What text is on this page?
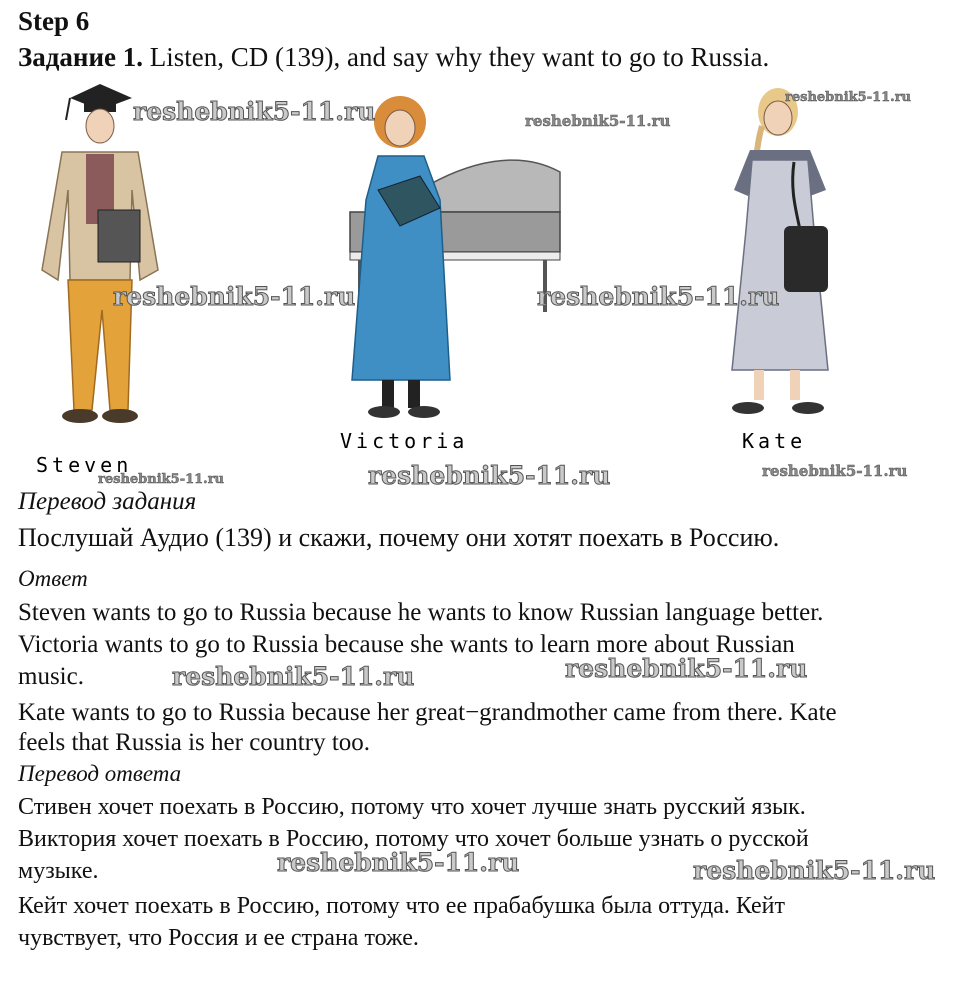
Step 6
Задание 1. Listen, CD (139), and say why they want to go to Russia.
Steven
Victoria	Kate
reshebnik5-11.ru	reshebnik5-11.ru
reshebnik5-11.ru
reshebnik5-11.ru	reshebnik5-11.ru
reshebnik5-11.ru	reshebnik5-11.ru	reshebnik5-11.ru
Перевод задания
Послушай Аудио (139) и скажи, почему они хотят поехать в Россию.
Ответ
Steven wants to go to Russia because he wants to know Russian language better.
Victoria wants to go to Russia because she wants to learn more about Russian
music.	reshebnik5-11.ru	reshebnik5-11.ru
Kate wants to go to Russia because her great−grandmother came from there. Kate
feels that Russia is her country too.
Перевод ответа
Стивен хочет поехать в Россию, потому что хочет лучше знать русский язык.
Виктория хочет поехать в Россию, потому что хочет больше узнать о русской
музыке.	reshebnik5-11.ru	reshebnik5-11.ru
Кейт хочет поехать в Россию, потому что ее прабабушка была оттуда. Кейт
чувствует, что Россия и ее страна тоже.
